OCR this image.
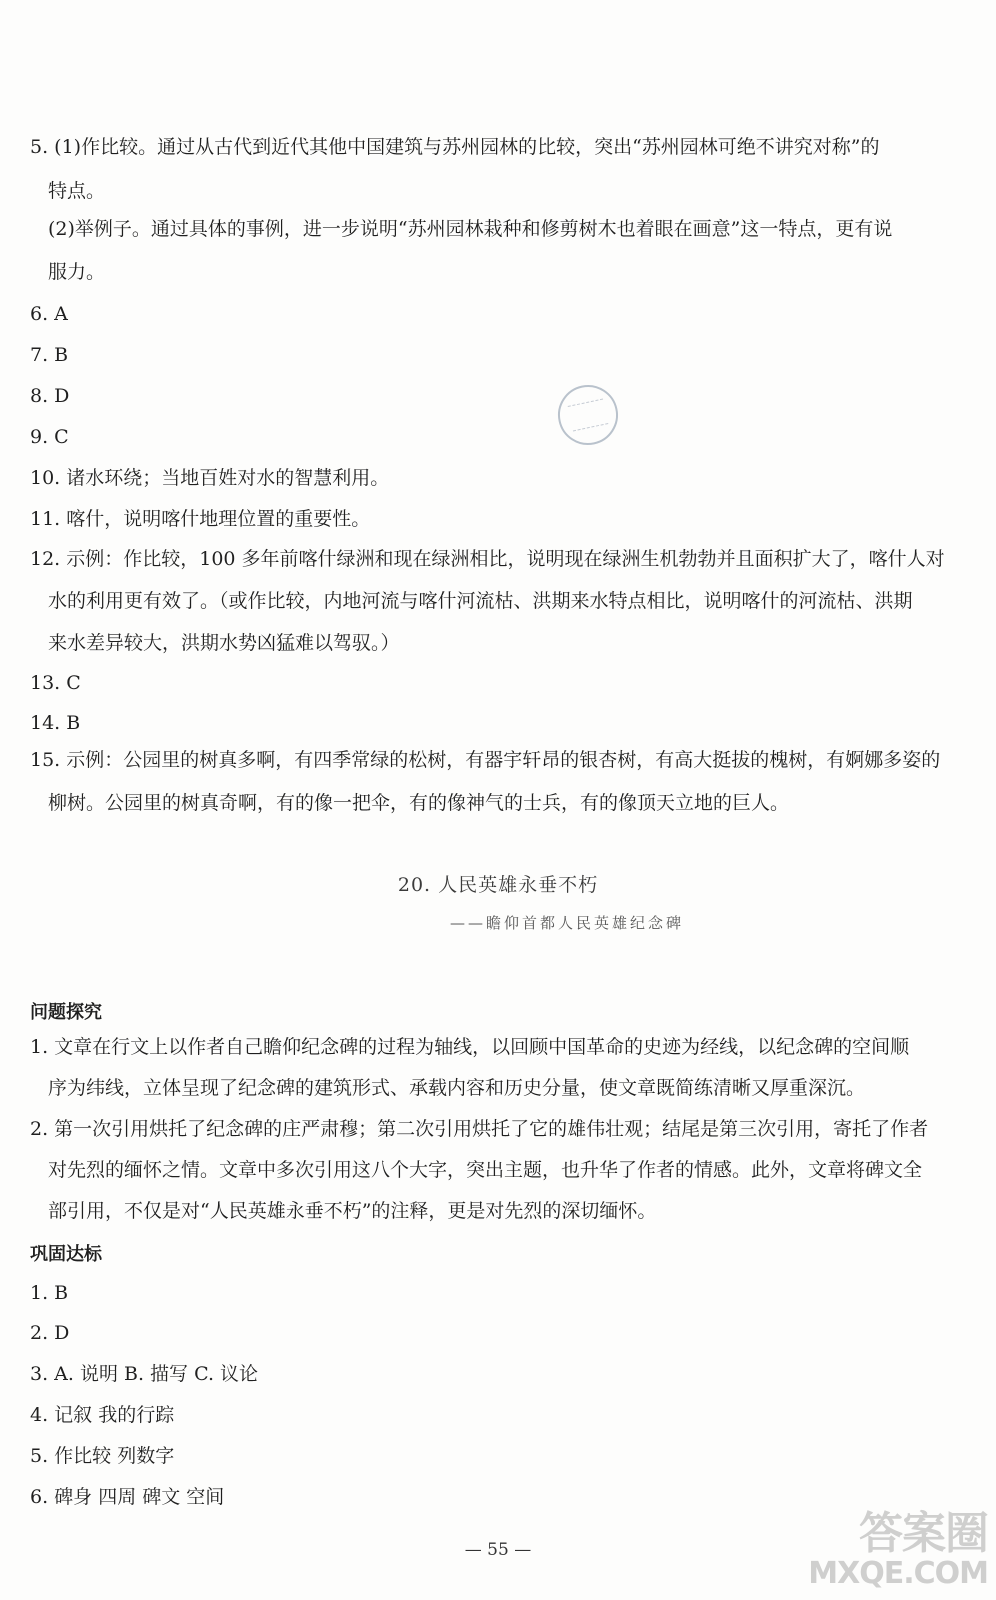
5. (1)作比较。通过从古代到近代其他中国建筑与苏州园林的比较，突出“苏州园林可绝不讲究对称”的
特点。
(2)举例子。通过具体的事例，进一步说明“苏州园林栽种和修剪树木也着眼在画意”这一特点，更有说
服力。
6. A
7. B
8. D
9. C
10. 诸水环绕；当地百姓对水的智慧利用。
11. 喀什，说明喀什地理位置的重要性。
12. 示例：作比较，100 多年前喀什绿洲和现在绿洲相比，说明现在绿洲生机勃勃并且面积扩大了，喀什人对
水的利用更有效了。（或作比较，内地河流与喀什河流枯、洪期来水特点相比，说明喀什的河流枯、洪期
来水差异较大，洪期水势凶猛难以驾驭。）
13. C
14. B
15. 示例：公园里的树真多啊，有四季常绿的松树，有器宇轩昂的银杏树，有高大挺拔的槐树，有婀娜多姿的
柳树。公园里的树真奇啊，有的像一把伞，有的像神气的士兵，有的像顶天立地的巨人。
20. 人民英雄永垂不朽
——瞻仰首都人民英雄纪念碑
问题探究
1. 文章在行文上以作者自己瞻仰纪念碑的过程为轴线，以回顾中国革命的史迹为经线，以纪念碑的空间顺
序为纬线，立体呈现了纪念碑的建筑形式、承载内容和历史分量，使文章既简练清晰又厚重深沉。
2. 第一次引用烘托了纪念碑的庄严肃穆；第二次引用烘托了它的雄伟壮观；结尾是第三次引用，寄托了作者
对先烈的缅怀之情。文章中多次引用这八个大字，突出主题，也升华了作者的情感。此外，文章将碑文全
部引用，不仅是对“人民英雄永垂不朽”的注释，更是对先烈的深切缅怀。
巩固达标
1. B
2. D
3. A. 说明 B. 描写 C. 议论
4. 记叙 我的行踪
5. 作比较 列数字
6. 碑身 四周 碑文 空间
— 55 —	答案圈
MXQE.COM
